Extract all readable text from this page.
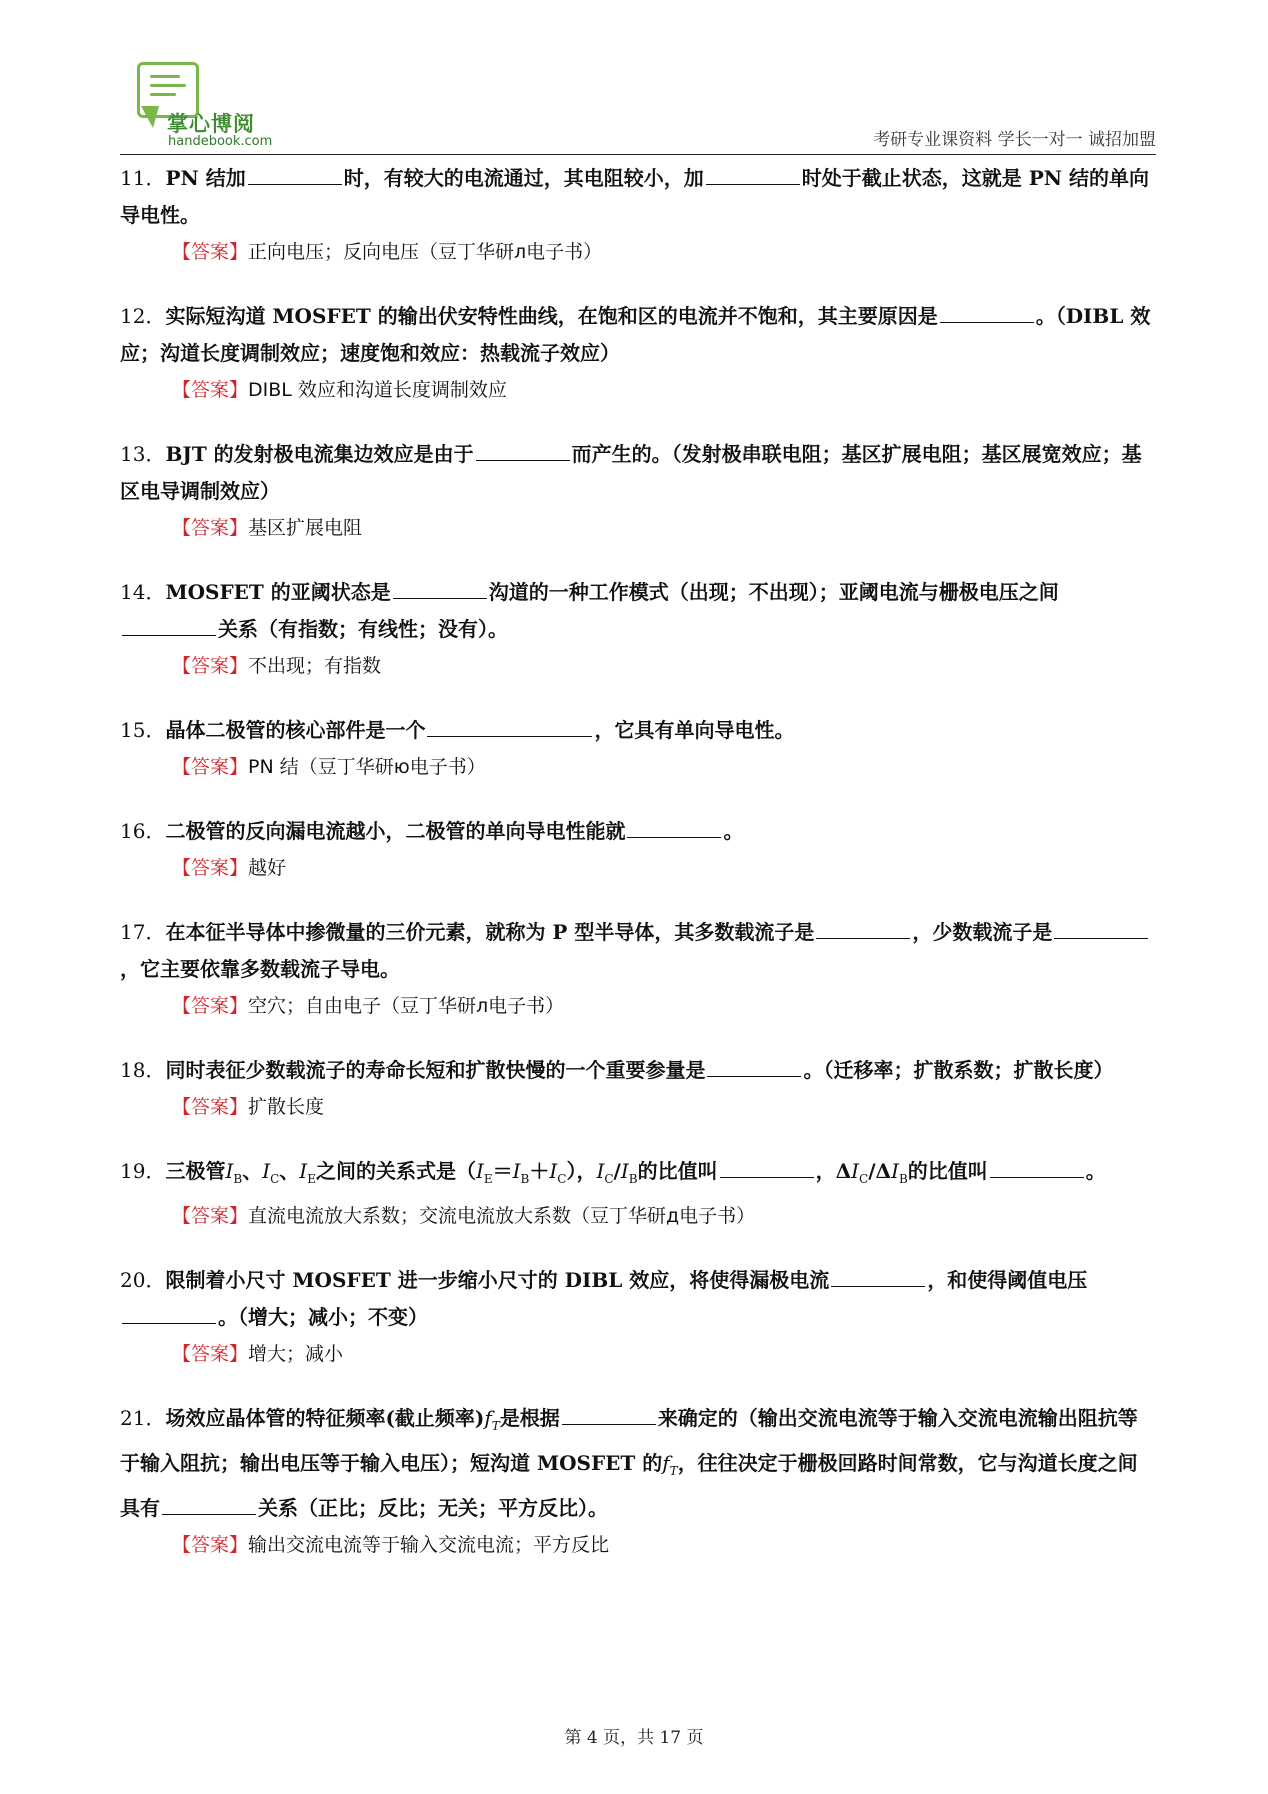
掌心博阅
handebook.com	考研专业课资料 学长一对一 诚招加盟

11．PN 结加	时，有较大的电流通过，其电阻较小，加	时处于截止状态，这就是 PN 结的单向导电性。

【答案】正向电压；反向电压（豆丁华研л电子书）

12．实际短沟道 MOSFET 的输出伏安特性曲线，在饱和区的电流并不饱和，其主要原因是	。（DIBL 效应；沟道长度调制效应；速度饱和效应：热载流子效应）

【答案】DIBL 效应和沟道长度调制效应

13．BJT 的发射极电流集边效应是由于	而产生的。（发射极串联电阻；基区扩展电阻；基区展宽效应；基区电导调制效应）

【答案】基区扩展电阻

14．MOSFET 的亚阈状态是	沟道的一种工作模式（出现；不出现）；亚阈电流与栅极电压之间关系（有指数；有线性；没有）。

【答案】不出现；有指数

15．晶体二极管的核心部件是一个	，它具有单向导电性。

【答案】PN 结（豆丁华研ю电子书）

16．二极管的反向漏电流越小，二极管的单向导电性能就	。

【答案】越好

17．在本征半导体中掺微量的三价元素，就称为 P 型半导体，其多数载流子是	，少数载流子是，它主要依靠多数载流子导电。

【答案】空穴；自由电子（豆丁华研л电子书）

18．同时表征少数载流子的寿命长短和扩散快慢的一个重要参量是	。（迁移率；扩散系数；扩散长度）

【答案】扩散长度

19．三极管$I_B$、$I_C$、$I_E$之间的关系式是$(I_E=I_B+I_C)$，$I_C/I_B$的比值叫	，$\Delta I_C/\Delta I_B$的比值叫	。

【答案】直流电流放大系数；交流电流放大系数（豆丁华研д电子书）

20．限制着小尺寸 MOSFET 进一步缩小尺寸的 DIBL 效应，将使得漏极电流	，和使得阈值电压。（增大；减小；不变）

【答案】增大；减小

21．场效应晶体管的特征频率(截止频率)$f_T$是根据	来确定的（输出交流电流等于输入交流电流输出阻抗等于输入阻抗；输出电压等于输入电压）；短沟道 MOSFET 的$f_T$，往往决定于栅极回路时间常数，它与沟道长度之间具有	关系（正比；反比；无关；平方反比）。

【答案】输出交流电流等于输入交流电流；平方反比

第 4 页，共 17 页
